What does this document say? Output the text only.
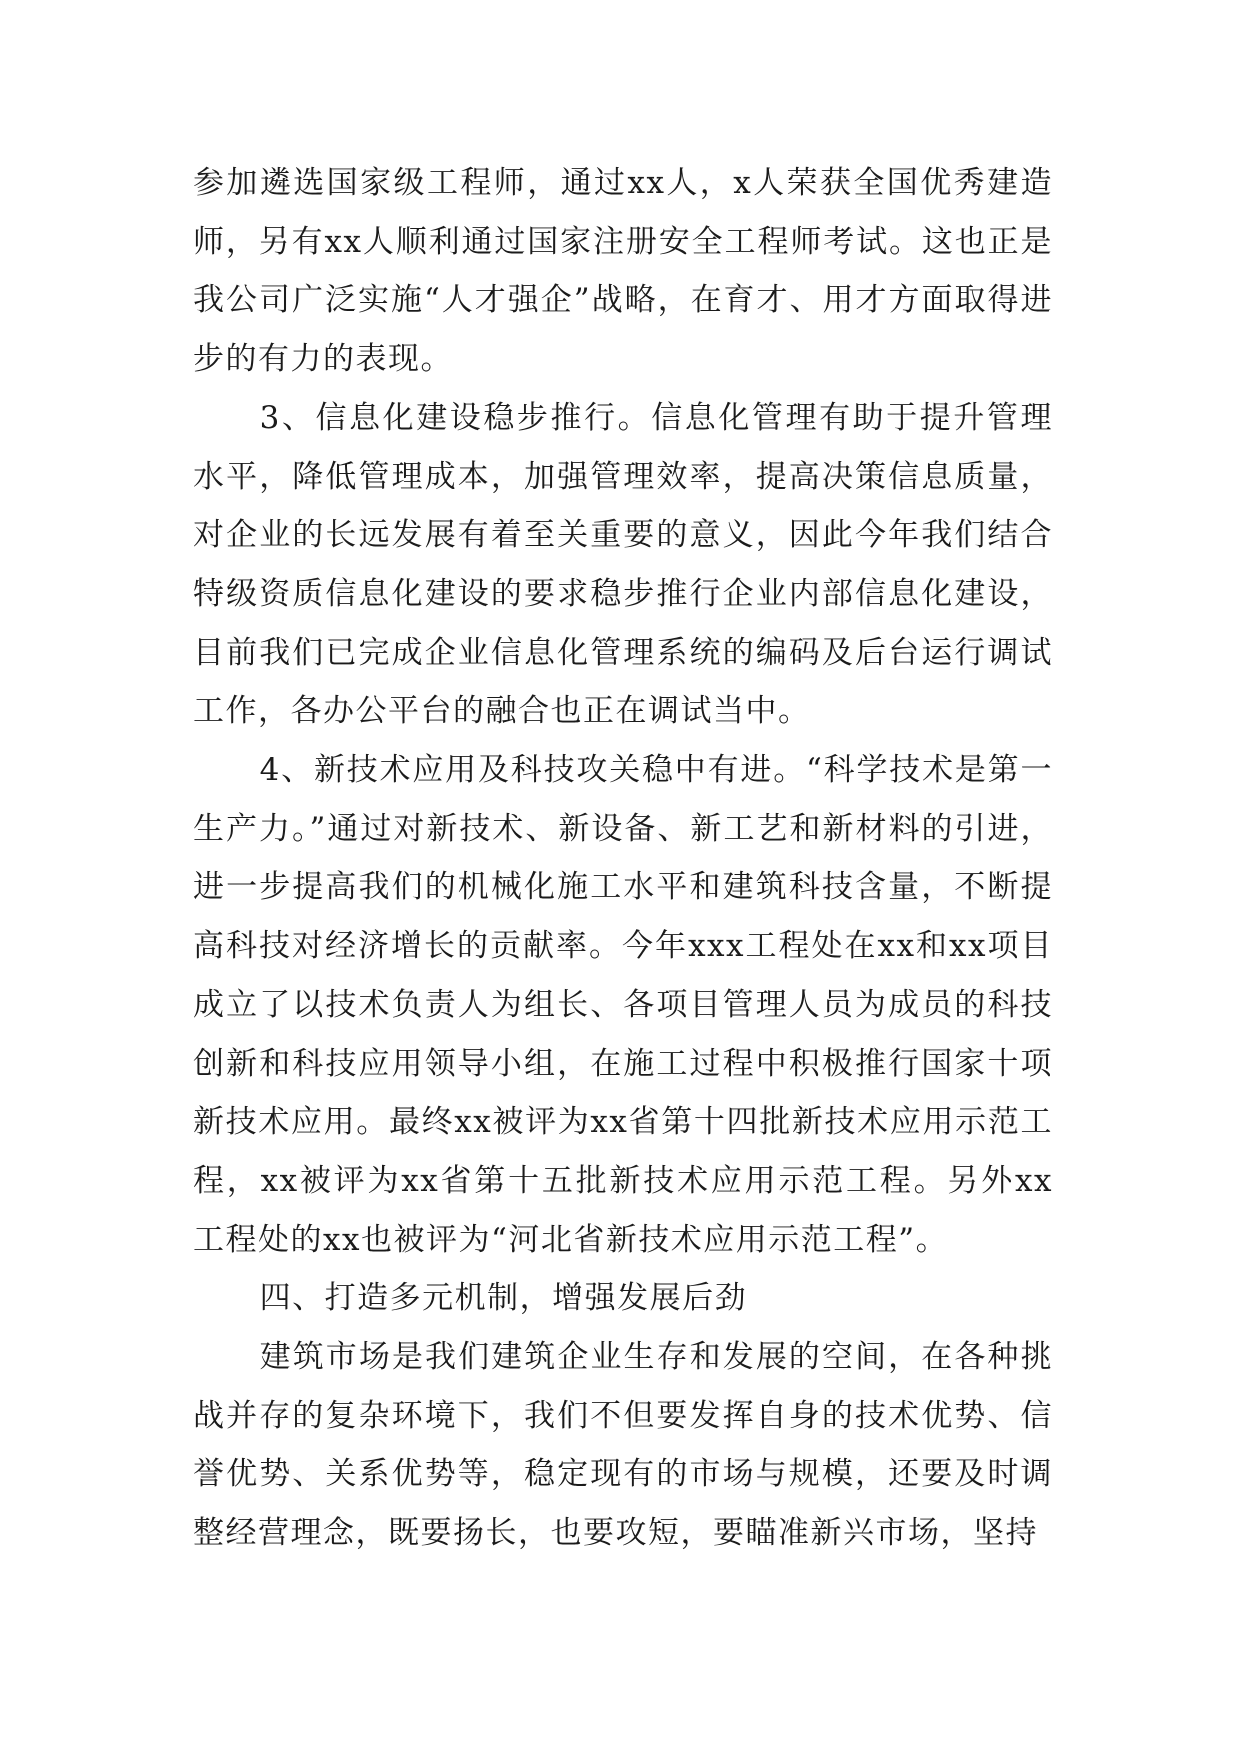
参加遴选国家级工程师，通过xx人，x人荣获全国优秀建造师，另有xx人顺利通过国家注册安全工程师考试。这也正是我公司广泛实施“人才强企”战略，在育才、用才方面取得进步的有力的表现。

3、信息化建设稳步推行。信息化管理有助于提升管理水平，降低管理成本，加强管理效率，提高决策信息质量，对企业的长远发展有着至关重要的意义，因此今年我们结合特级资质信息化建设的要求稳步推行企业内部信息化建设，目前我们已完成企业信息化管理系统的编码及后台运行调试工作，各办公平台的融合也正在调试当中。

4、新技术应用及科技攻关稳中有进。“科学技术是第一生产力。”通过对新技术、新设备、新工艺和新材料的引进，进一步提高我们的机械化施工水平和建筑科技含量，不断提高科技对经济增长的贡献率。今年xxx工程处在xx和xx项目成立了以技术负责人为组长、各项目管理人员为成员的科技创新和科技应用领导小组，在施工过程中积极推行国家十项新技术应用。最终xx被评为xx省第十四批新技术应用示范工程，xx被评为xx省第十五批新技术应用示范工程。另外xx工程处的xx也被评为“河北省新技术应用示范工程”。

四、打造多元机制，增强发展后劲

建筑市场是我们建筑企业生存和发展的空间，在各种挑战并存的复杂环境下，我们不但要发挥自身的技术优势、信誉优势、关系优势等，稳定现有的市场与规模，还要及时调整经营理念，既要扬长，也要攻短，要瞄准新兴市场，坚持
